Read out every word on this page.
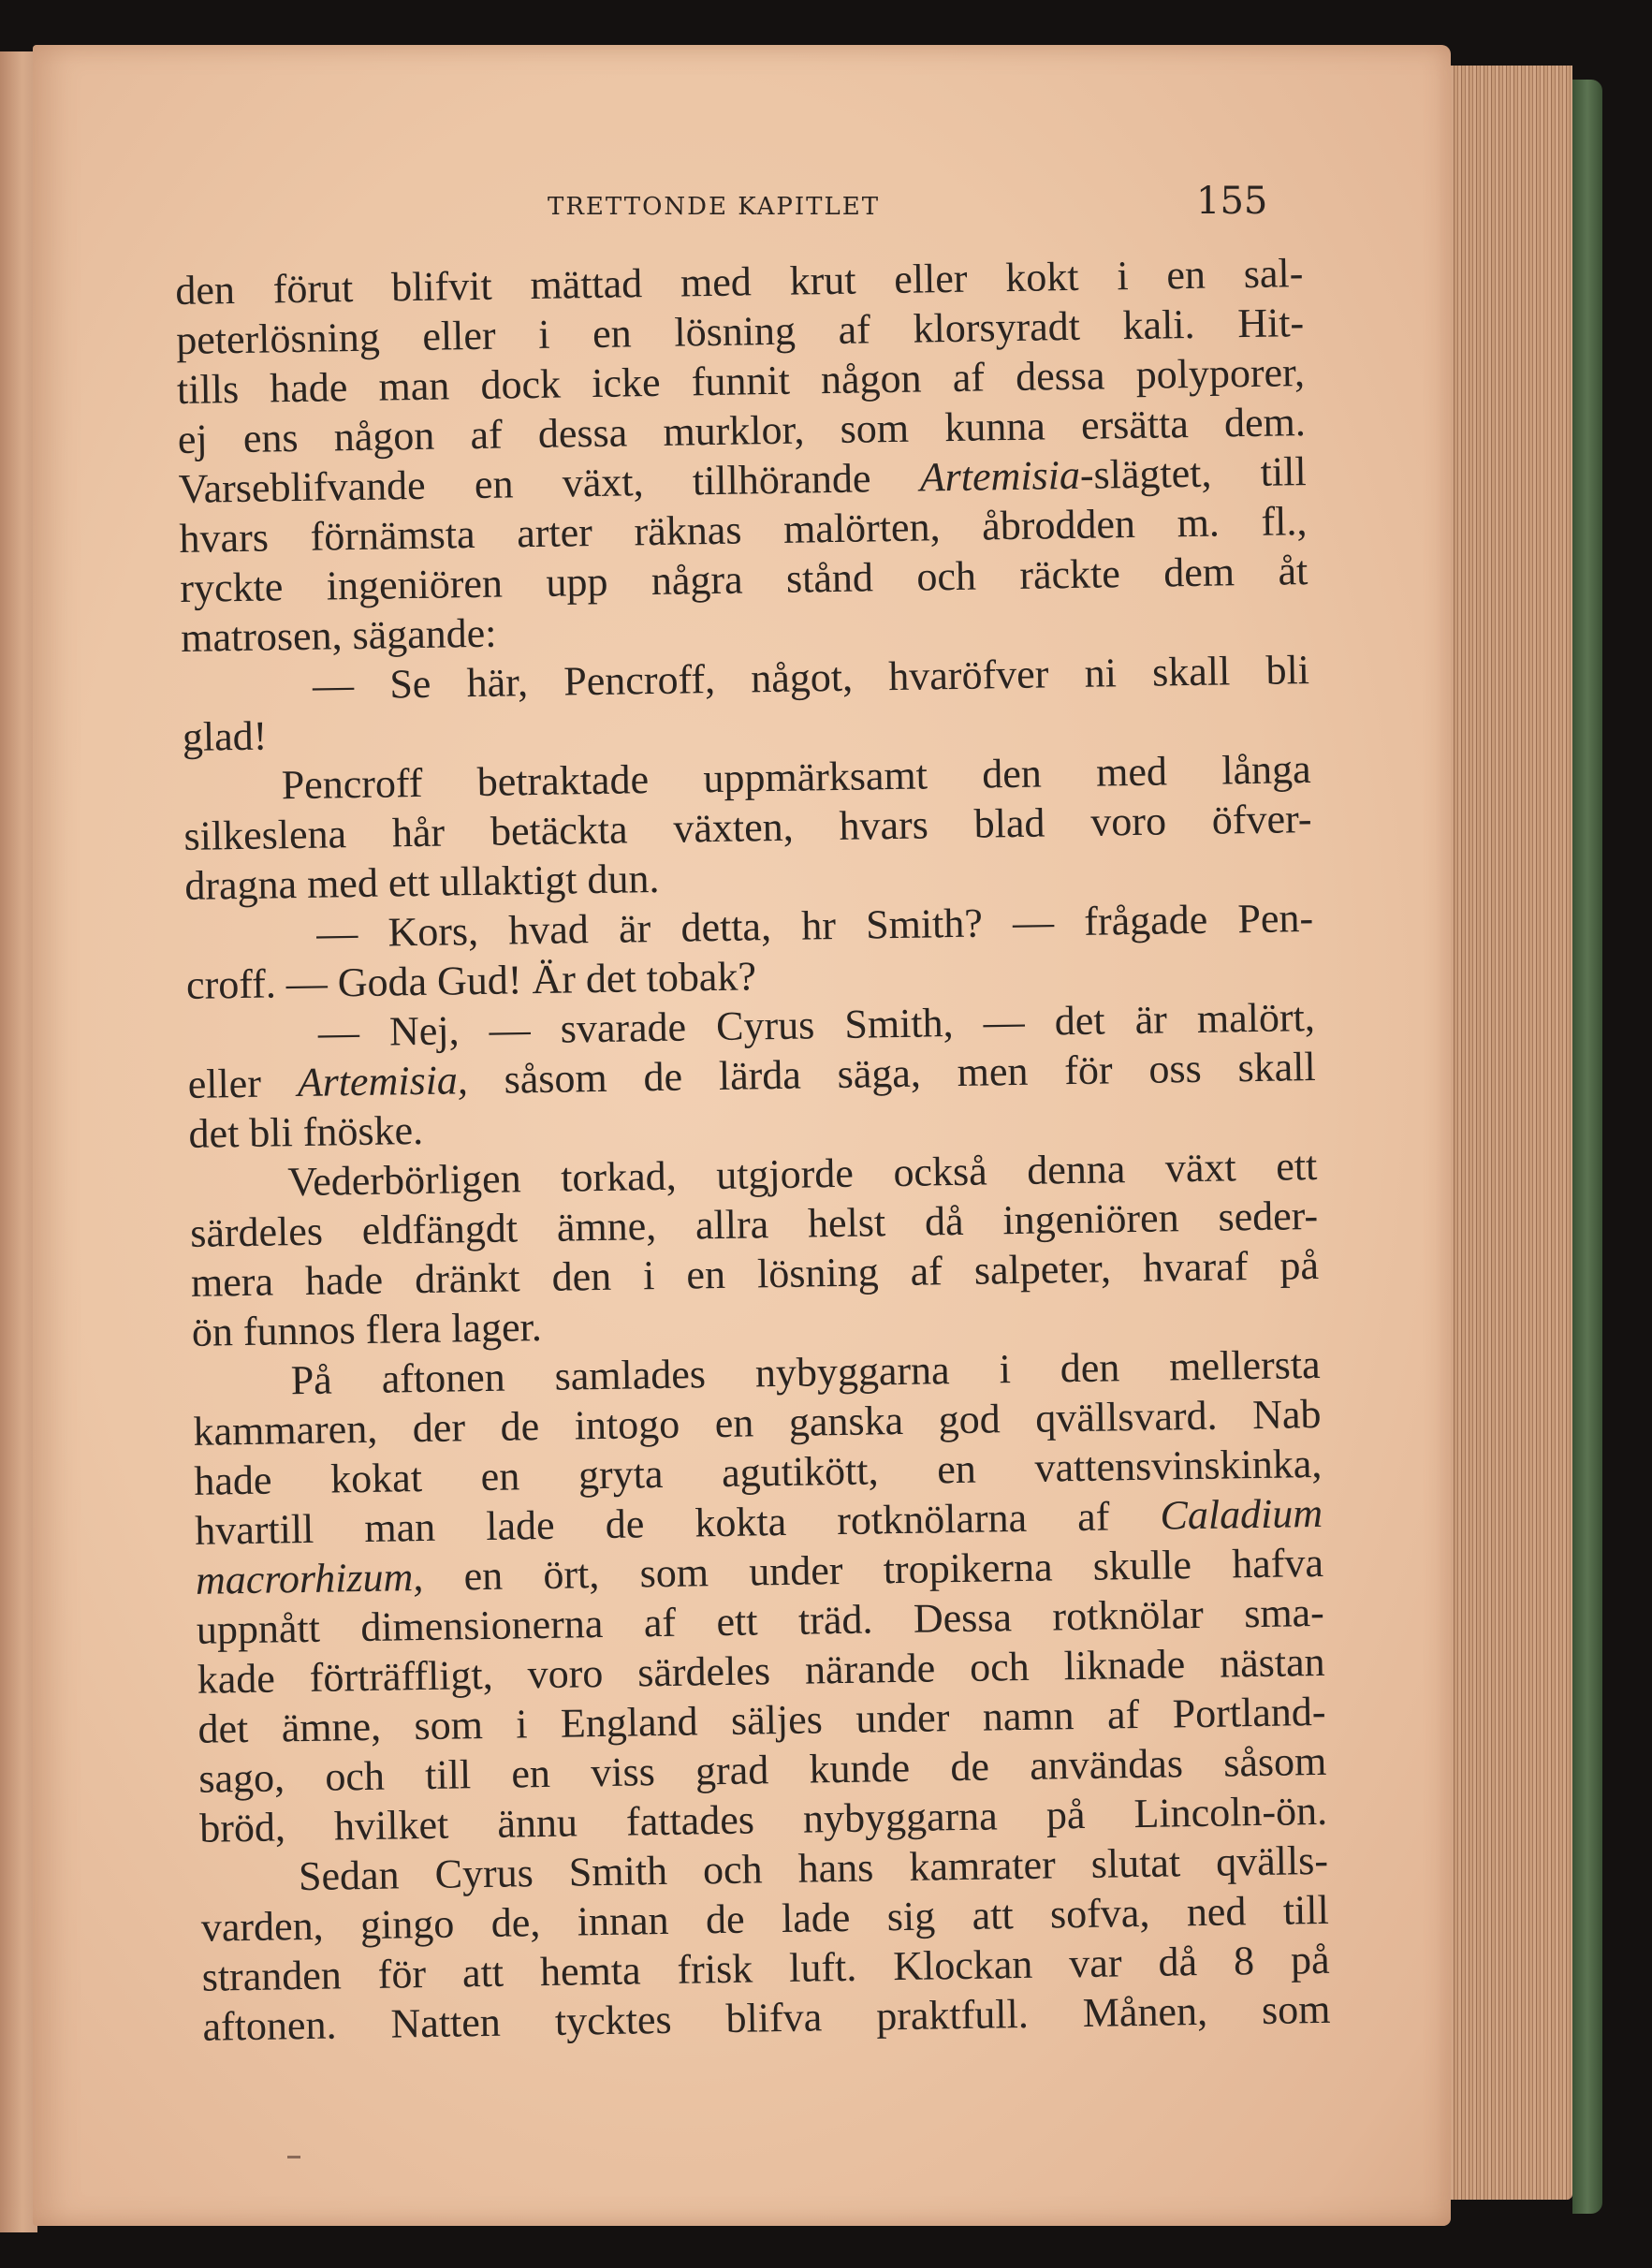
TRETTONDE KAPITLET	155
den förut blifvit mättad med krut eller kokt i en sal-
peterlösning eller i en lösning af klorsyradt kali. Hit-
tills hade man dock icke funnit någon af dessa polyporer,
ej ens någon af dessa murklor, som kunna ersätta dem.
Varseblifvande en växt, tillhörande Artemisia-slägtet, till
hvars förnämsta arter räknas malörten, åbrodden m. fl.,
ryckte ingeniören upp några stånd och räckte dem åt
matrosen, sägande:
— Se här, Pencroff, något, hvaröfver ni skall bli
glad!
Pencroff betraktade uppmärksamt den med långa
silkeslena hår betäckta växten, hvars blad voro öfver-
dragna med ett ullaktigt dun.
— Kors, hvad är detta, hr Smith? — frågade Pen-
croff. — Goda Gud! Är det tobak?
— Nej, — svarade Cyrus Smith, — det är malört,
eller Artemisia, såsom de lärda säga, men för oss skall
det bli fnöske.
Vederbörligen torkad, utgjorde också denna växt ett
särdeles eldfängdt ämne, allra helst då ingeniören seder-
mera hade dränkt den i en lösning af salpeter, hvaraf på
ön funnos flera lager.
På aftonen samlades nybyggarna i den mellersta
kammaren, der de intogo en ganska god qvällsvard. Nab
hade kokat en gryta agutikött, en vattensvinskinka,
hvartill man lade de kokta rotknölarna af Caladium
macrorhizum, en ört, som under tropikerna skulle hafva
uppnått dimensionerna af ett träd. Dessa rotknölar sma-
kade förträffligt, voro särdeles närande och liknade nästan
det ämne, som i England säljes under namn af Portland-
sago, och till en viss grad kunde de användas såsom
bröd, hvilket ännu fattades nybyggarna på Lincoln-ön.
Sedan Cyrus Smith och hans kamrater slutat qvälls-
varden, gingo de, innan de lade sig att sofva, ned till
stranden för att hemta frisk luft. Klockan var då 8 på
aftonen. Natten tycktes blifva praktfull. Månen, som
